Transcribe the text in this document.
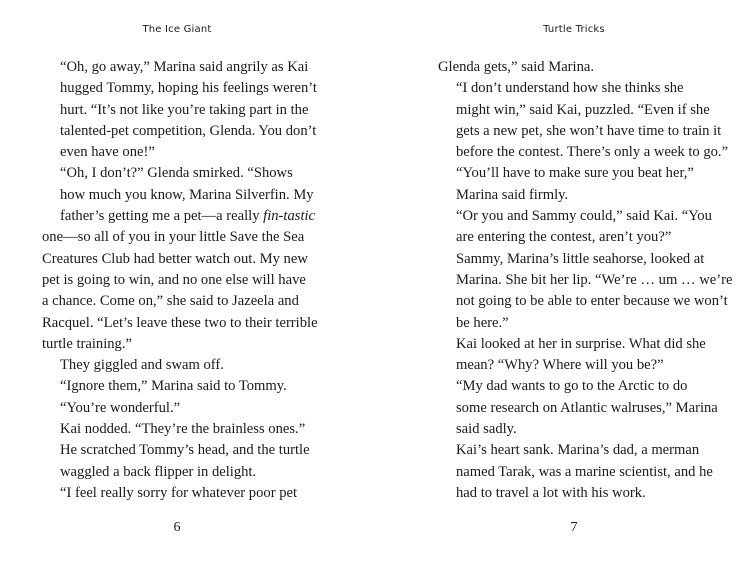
The Ice Giant

“Oh, go away,” Marina said angrily as Kai
hugged Tommy, hoping his feelings weren’t
hurt. “It’s not like you’re taking part in the
talented-pet competition, Glenda. You don’t
even have one!”

“Oh, I don’t?” Glenda smirked. “Shows
how much you know, Marina Silverfin. My
father’s getting me a pet—a really fin-tastic

one—so all of you in your little Save the Sea
Creatures Club had better watch out. My new
pet is going to win, and no one else will have
a chance. Come on,” she said to Jazeela and
Racquel. “Let’s leave these two to their terrible
turtle training.”

They giggled and swam off.

“Ignore them,” Marina said to Tommy.
“You’re wonderful.”

Kai nodded. “They’re the brainless ones.”
He scratched Tommy’s head, and the turtle
waggled a back flipper in delight.

“I feel really sorry for whatever poor pet

6
Turtle Tricks

Glenda gets,” said Marina.

“I don’t understand how she thinks she
might win,” said Kai, puzzled. “Even if she
gets a new pet, she won’t have time to train it
before the contest. There’s only a week to go.”

“You’ll have to make sure you beat her,”
Marina said firmly.

“Or you and Sammy could,” said Kai. “You
are entering the contest, aren’t you?”

Sammy, Marina’s little seahorse, looked at
Marina. She bit her lip. “We’re … um … we’re
not going to be able to enter because we won’t
be here.”

Kai looked at her in surprise. What did she
mean? “Why? Where will you be?”

“My dad wants to go to the Arctic to do
some research on Atlantic walruses,” Marina
said sadly.

Kai’s heart sank. Marina’s dad, a merman
named Tarak, was a marine scientist, and he
had to travel a lot with his work.

7
